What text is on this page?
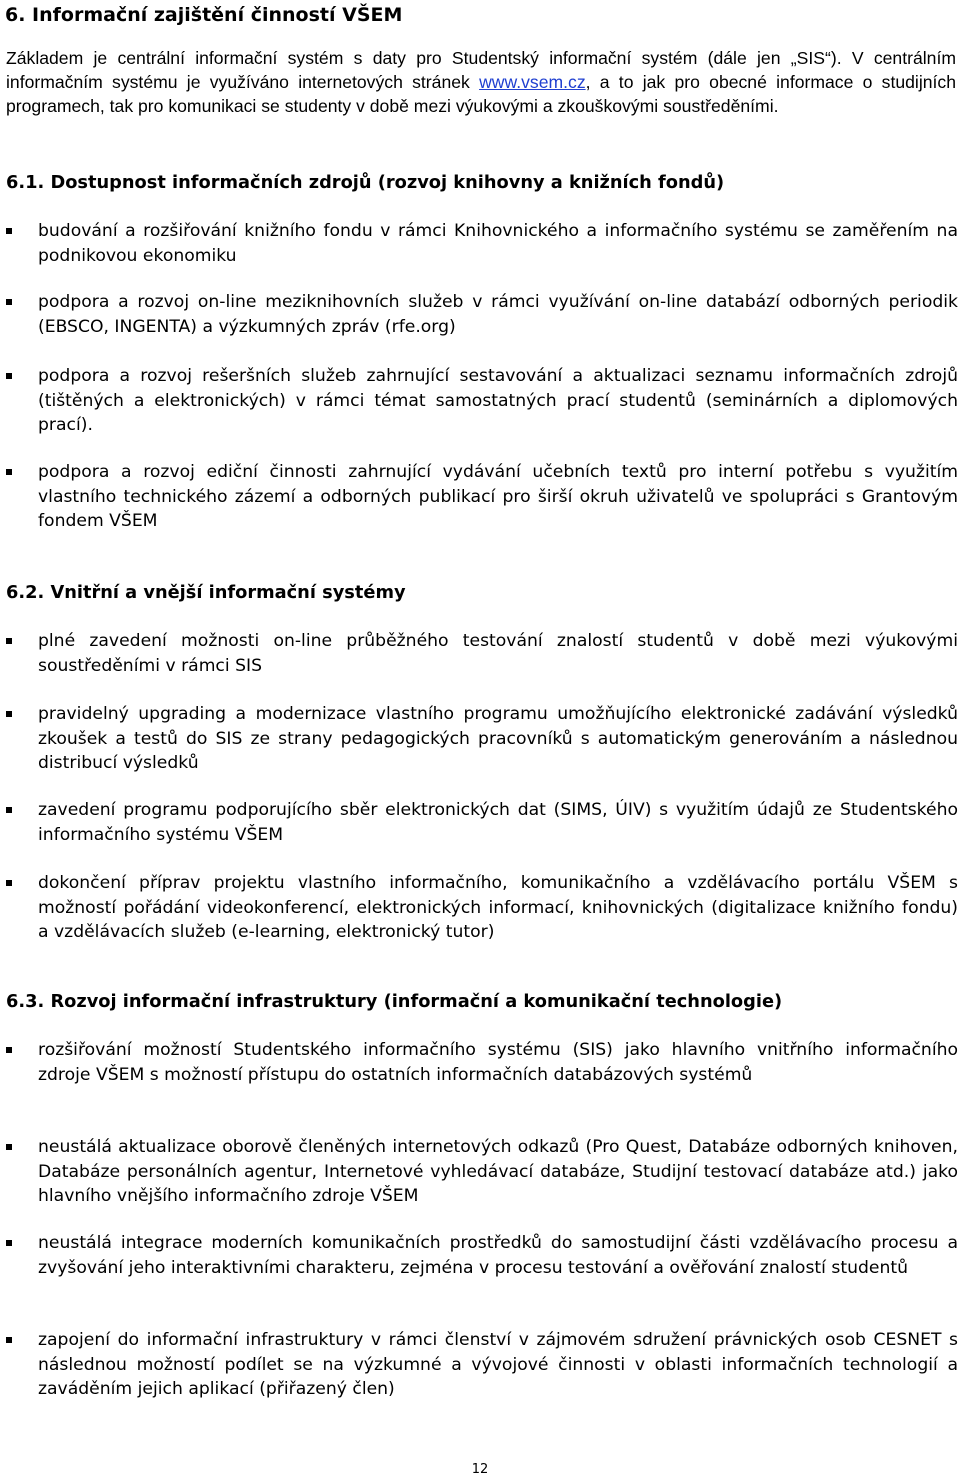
6. Informační zajištění činností VŠEM

Základem je centrální informační systém s daty pro Studentský informační systém (dále jen „SIS“). V centrálním informačním systému je využíváno internetových stránek www.vsem.cz, a to jak pro obecné informace o studijních programech, tak pro komunikaci se studenty v době mezi výukovými a zkouškovými soustředěními.

6.1. Dostupnost informačních zdrojů (rozvoj knihovny a knižních fondů)

budování a rozšiřování knižního fondu v rámci Knihovnického a informačního systému se zaměřením na podnikovou ekonomiku

podpora a rozvoj on-line meziknihovních služeb v rámci využívání on-line databází odborných periodik (EBSCO, INGENTA) a výzkumných zpráv (rfe.org)

podpora a rozvoj rešeršních služeb zahrnující sestavování a aktualizaci seznamu informačních zdrojů (tištěných a elektronických) v rámci témat samostatných prací studentů (seminárních a diplomových prací).

podpora a rozvoj ediční činnosti zahrnující vydávání učebních textů pro interní potřebu s využitím vlastního technického zázemí a odborných publikací pro širší okruh uživatelů ve spolupráci s Grantovým fondem VŠEM

6.2. Vnitřní a vnější informační systémy

plné zavedení možnosti on-line průběžného testování znalostí studentů v době mezi výukovými soustředěními v rámci SIS

pravidelný upgrading a modernizace vlastního programu umožňujícího elektronické zadávání výsledků zkoušek a testů do SIS ze strany pedagogických pracovníků s automatickým generováním a následnou distribucí výsledků

zavedení programu podporujícího sběr elektronických dat (SIMS, ÚIV) s využitím údajů ze Studentského informačního systému VŠEM

dokončení příprav projektu vlastního informačního, komunikačního a vzdělávacího portálu VŠEM s možností pořádání videokonferencí, elektronických informací, knihovnických (digitalizace knižního fondu) a vzdělávacích služeb (e-learning, elektronický tutor)

6.3. Rozvoj informační infrastruktury (informační a komunikační technologie)

rozšiřování možností Studentského informačního systému (SIS) jako hlavního vnitřního informačního zdroje VŠEM s možností přístupu do ostatních informačních databázových systémů

neustálá aktualizace oborově členěných internetových odkazů (Pro Quest, Databáze odborných knihoven, Databáze personálních agentur, Internetové vyhledávací databáze, Studijní testovací databáze atd.) jako hlavního vnějšího informačního zdroje VŠEM

neustálá integrace moderních komunikačních prostředků do samostudijní části vzdělávacího procesu a zvyšování jeho interaktivními charakteru, zejména v procesu testování a ověřování znalostí studentů

zapojení do informační infrastruktury v rámci členství v zájmovém sdružení právnických osob CESNET s následnou možností podílet se na výzkumné a vývojové činnosti v oblasti informačních technologií a zaváděním jejich aplikací (přiřazený člen)

12
